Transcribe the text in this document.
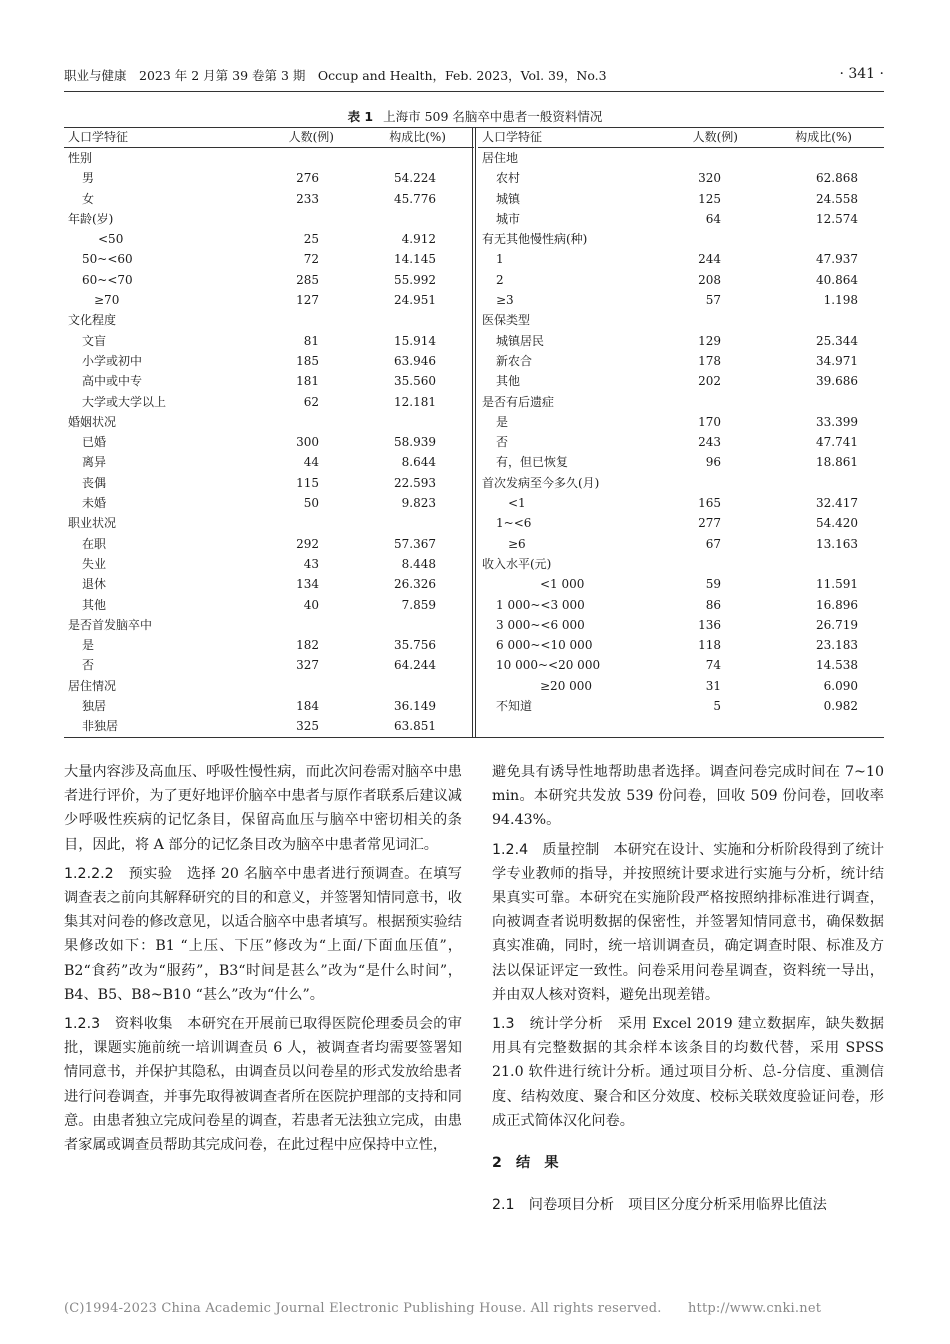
职业与健康　2023 年 2 月第 39 卷第 3 期　Occup and Health，Feb. 2023，Vol. 39，No.3	· 341 ·
表 1 上海市 509 名脑卒中患者一般资料情况
人口学特征	人数(例)	构成比(%)
性别
男	276	54.224
女	233	45.776
年龄(岁)
<50	25	4.912
50~<60	72	14.145
60~<70	285	55.992
≥70	127	24.951
文化程度
文盲	81	15.914
小学或初中	185	63.946
高中或中专	181	35.560
大学或大学以上	62	12.181
婚姻状况
已婚	300	58.939
离异	44	8.644
丧偶	115	22.593
未婚	50	9.823
职业状况
在职	292	57.367
失业	43	8.448
退休	134	26.326
其他	40	7.859
是否首发脑卒中
是	182	35.756
否	327	64.244
居住情况
独居	184	36.149
非独居	325	63.851
人口学特征	人数(例)	构成比(%)
居住地
农村	320	62.868
城镇	125	24.558
城市	64	12.574
有无其他慢性病(种)
1	244	47.937
2	208	40.864
≥3	57	1.198
医保类型
城镇居民	129	25.344
新农合	178	34.971
其他	202	39.686
是否有后遗症
是	170	33.399
否	243	47.741
有，但已恢复	96	18.861
首次发病至今多久(月)
<1	165	32.417
1~<6	277	54.420
≥6	67	13.163
收入水平(元)
<1 000	59	11.591
1 000~<3 000	86	16.896
3 000~<6 000	136	26.719
6 000~<10 000	118	23.183
10 000~<20 000	74	14.538
≥20 000	31	6.090
不知道	5	0.982

大量内容涉及高血压、呼吸性慢性病，而此次问卷需对脑卒中患者进行评价，为了更好地评价脑卒中患者与原作者联系后建议减少呼吸性疾病的记忆条目，保留高血压与脑卒中密切相关的条目，因此，将 A 部分的记忆条目改为脑卒中患者常见词汇。

1.2.2.2　 预实验　 选择 20 名脑卒中患者进行预调查。在填写调查表之前向其解释研究的目的和意义，并签署知情同意书，收集其对问卷的修改意见，以适合脑卒中患者填写。根据预实验结果修改如下：B1 “上压、下压”修改为“上面/下面血压值”，B2“食药”改为“服药”，B3“时间是甚么”改为“是什么时间”，B4、B5、B8~B10 “甚么”改为“什么”。

1.2.3　 资料收集　 本研究在开展前已取得医院伦理委员会的审批，课题实施前统一培训调查员 6 人，被调查者均需要签署知情同意书，并保护其隐私，由调查员以问卷星的形式发放给患者进行问卷调查，并事先取得被调查者所在医院护理部的支持和同意。由患者独立完成问卷星的调查，若患者无法独立完成，由患者家属或调查员帮助其完成问卷，在此过程中应保持中立性，

避免具有诱导性地帮助患者选择。调查问卷完成时间在 7~10 min。本研究共发放 539 份问卷，回收 509 份问卷，回收率 94.43%。

1.2.4　 质量控制　 本研究在设计、实施和分析阶段得到了统计学专业教师的指导，并按照统计要求进行实施与分析，统计结果真实可靠。本研究在实施阶段严格按照纳排标准进行调查，向被调查者说明数据的保密性，并签署知情同意书，确保数据真实准确，同时，统一培训调查员，确定调查时限、标准及方法以保证评定一致性。问卷采用问卷星调查，资料统一导出，并由双人核对资料，避免出现差错。

1.3　 统计学分析　 采用 Excel 2019 建立数据库，缺失数据用具有完整数据的其余样本该条目的均数代替，采用 SPSS 21.0 软件进行统计分析。通过项目分析、总-分信度、重测信度、结构效度、聚合和区分效度、校标关联效度验证问卷，形成正式简体汉化问卷。

2　结　果

2.1　 问卷项目分析　 项目区分度分析采用临界比值法

(C)1994-2023 China Academic Journal Electronic Publishing House. All rights reserved.　　http://www.cnki.net
